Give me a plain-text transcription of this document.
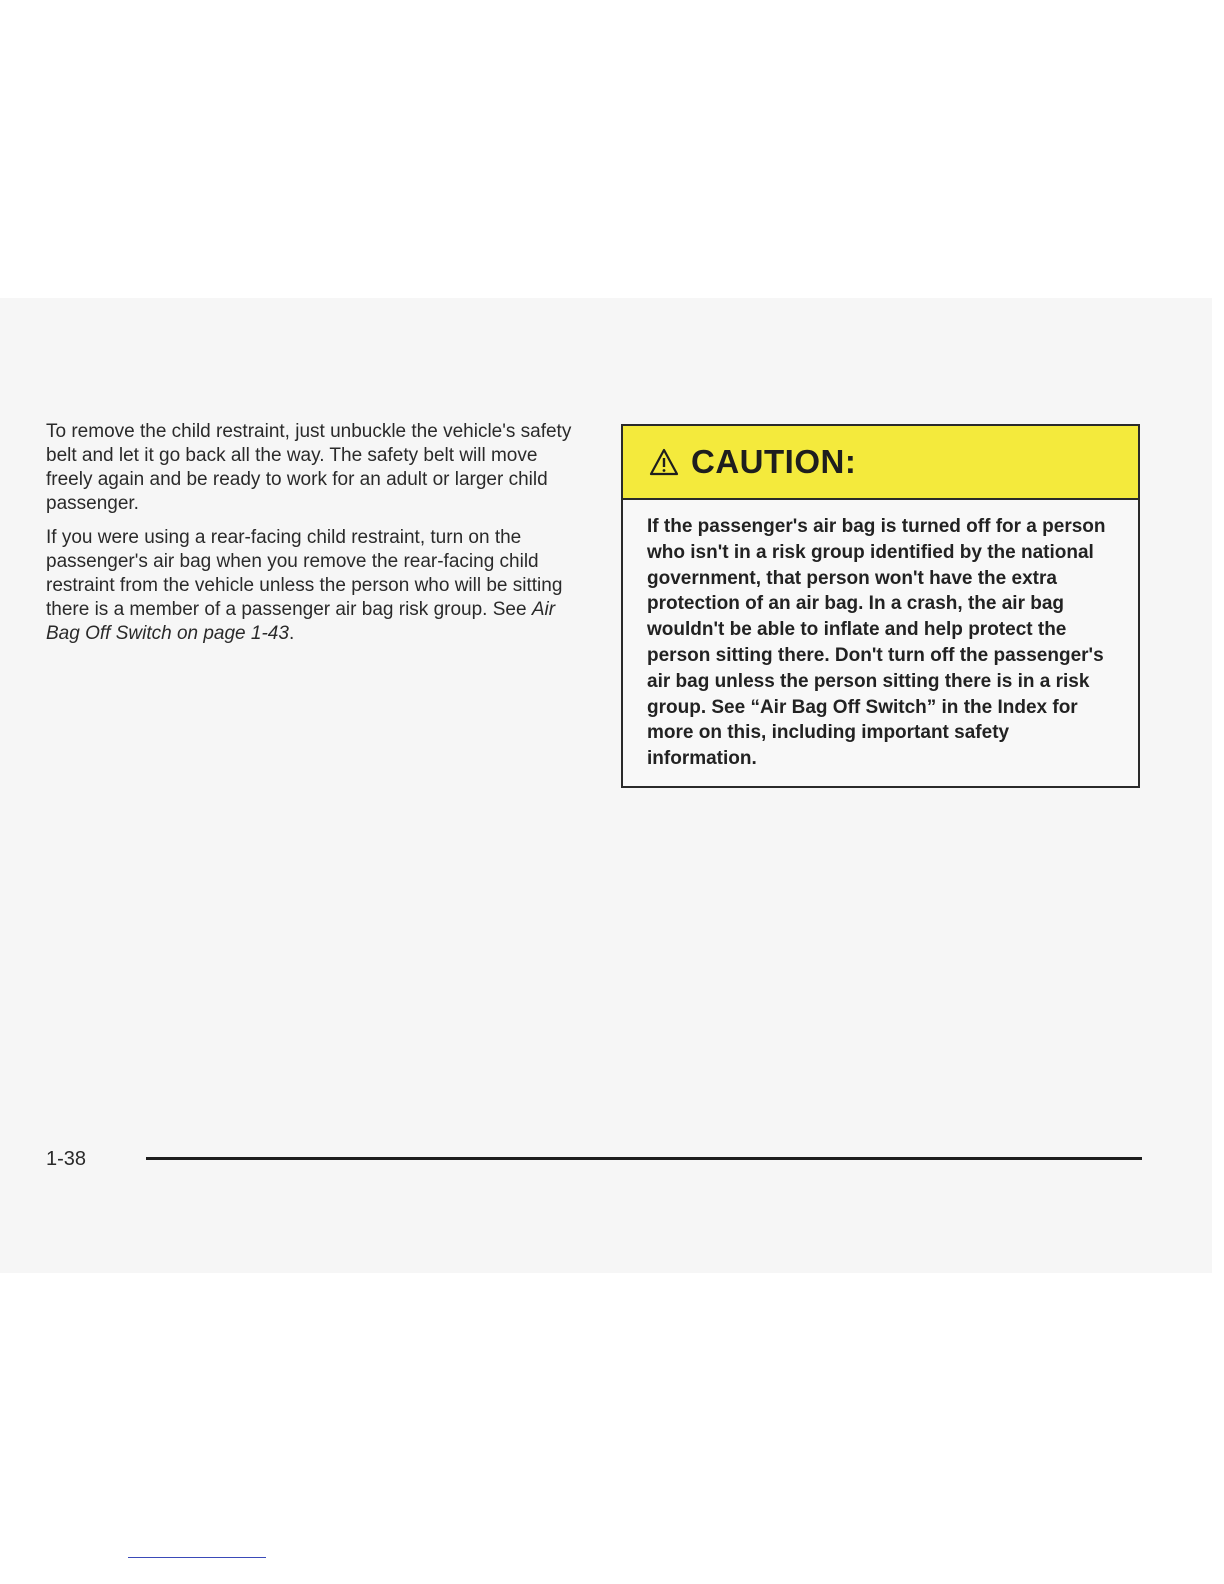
To remove the child restraint, just unbuckle the vehicle's safety belt and let it go back all the way. The safety belt will move freely again and be ready to work for an adult or larger child passenger.

If you were using a rear-facing child restraint, turn on the passenger's air bag when you remove the rear-facing child restraint from the vehicle unless the person who will be sitting there is a member of a passenger air bag risk group. See Air Bag Off Switch on page 1-43.

CAUTION:
If the passenger's air bag is turned off for a person who isn't in a risk group identified by the national government, that person won't have the extra protection of an air bag. In a crash, the air bag wouldn't be able to inflate and help protect the person sitting there. Don't turn off the passenger's air bag unless the person sitting there is in a risk group. See “Air Bag Off Switch” in the Index for more on this, including important safety information.
1-38
